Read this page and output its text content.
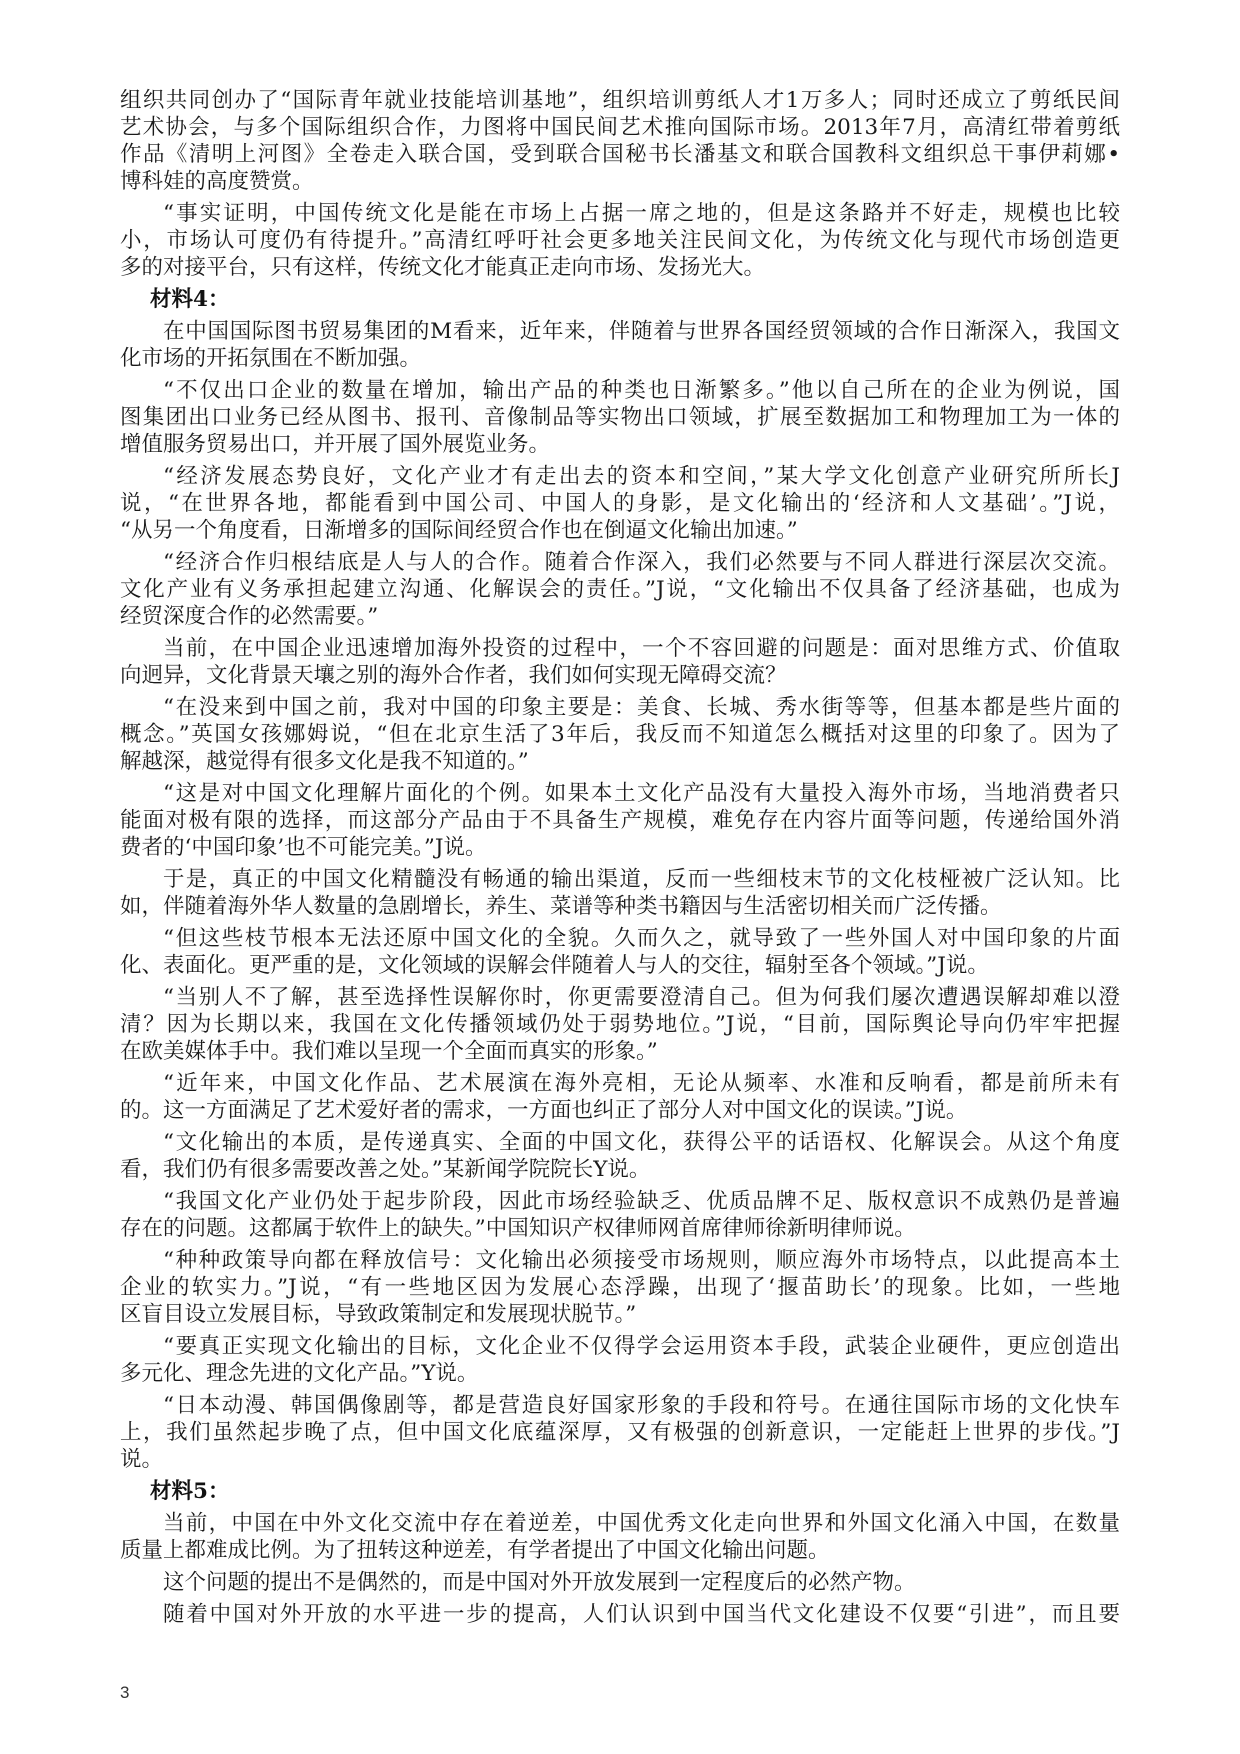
组织共同创办了“国际青年就业技能培训基地”，组织培训剪纸人才1万多人；同时还成立了剪纸民间
艺术协会，与多个国际组织合作，力图将中国民间艺术推向国际市场。2013年7月，高清红带着剪纸
作品《清明上河图》全卷走入联合国，受到联合国秘书长潘基文和联合国教科文组织总干事伊莉娜•
博科娃的高度赞赏。
“事实证明，中国传统文化是能在市场上占据一席之地的，但是这条路并不好走，规模也比较
小，市场认可度仍有待提升。”高清红呼吁社会更多地关注民间文化，为传统文化与现代市场创造更
多的对接平台，只有这样，传统文化才能真正走向市场、发扬光大。
材料4：
在中国国际图书贸易集团的M看来，近年来，伴随着与世界各国经贸领域的合作日渐深入，我国文
化市场的开拓氛围在不断加强。
“不仅出口企业的数量在增加，输出产品的种类也日渐繁多。”他以自己所在的企业为例说，国
图集团出口业务已经从图书、报刊、音像制品等实物出口领域，扩展至数据加工和物理加工为一体的
增值服务贸易出口，并开展了国外展览业务。
“经济发展态势良好，文化产业才有走出去的资本和空间，”某大学文化创意产业研究所所长J
说，“在世界各地，都能看到中国公司、中国人的身影，是文化输出的‘经济和人文基础’。”J说，
“从另一个角度看，日渐增多的国际间经贸合作也在倒逼文化输出加速。”
“经济合作归根结底是人与人的合作。随着合作深入，我们必然要与不同人群进行深层次交流。
文化产业有义务承担起建立沟通、化解误会的责任。”J说，“文化输出不仅具备了经济基础，也成为
经贸深度合作的必然需要。”
当前，在中国企业迅速增加海外投资的过程中，一个不容回避的问题是：面对思维方式、价值取
向迥异，文化背景天壤之别的海外合作者，我们如何实现无障碍交流？
“在没来到中国之前，我对中国的印象主要是：美食、长城、秀水街等等，但基本都是些片面的
概念。”英国女孩娜姆说，“但在北京生活了3年后，我反而不知道怎么概括对这里的印象了。因为了
解越深，越觉得有很多文化是我不知道的。”
“这是对中国文化理解片面化的个例。如果本土文化产品没有大量投入海外市场，当地消费者只
能面对极有限的选择，而这部分产品由于不具备生产规模，难免存在内容片面等问题，传递给国外消
费者的‘中国印象’也不可能完美。”J说。
于是，真正的中国文化精髓没有畅通的输出渠道，反而一些细枝末节的文化枝桠被广泛认知。比
如，伴随着海外华人数量的急剧增长，养生、菜谱等种类书籍因与生活密切相关而广泛传播。
“但这些枝节根本无法还原中国文化的全貌。久而久之，就导致了一些外国人对中国印象的片面
化、表面化。更严重的是，文化领域的误解会伴随着人与人的交往，辐射至各个领域。”J说。
“当别人不了解，甚至选择性误解你时，你更需要澄清自己。但为何我们屡次遭遇误解却难以澄
清？因为长期以来，我国在文化传播领域仍处于弱势地位。”J说，“目前，国际舆论导向仍牢牢把握
在欧美媒体手中。我们难以呈现一个全面而真实的形象。”
“近年来，中国文化作品、艺术展演在海外亮相，无论从频率、水准和反响看，都是前所未有
的。这一方面满足了艺术爱好者的需求，一方面也纠正了部分人对中国文化的误读。”J说。
“文化输出的本质，是传递真实、全面的中国文化，获得公平的话语权、化解误会。从这个角度
看，我们仍有很多需要改善之处。”某新闻学院院长Y说。
“我国文化产业仍处于起步阶段，因此市场经验缺乏、优质品牌不足、版权意识不成熟仍是普遍
存在的问题。这都属于软件上的缺失。”中国知识产权律师网首席律师徐新明律师说。
“种种政策导向都在释放信号：文化输出必须接受市场规则，顺应海外市场特点，以此提高本土
企业的软实力。”J说，“有一些地区因为发展心态浮躁，出现了‘揠苗助长’的现象。比如，一些地
区盲目设立发展目标，导致政策制定和发展现状脱节。”
“要真正实现文化输出的目标，文化企业不仅得学会运用资本手段，武装企业硬件，更应创造出
多元化、理念先进的文化产品。”Y说。
“日本动漫、韩国偶像剧等，都是营造良好国家形象的手段和符号。在通往国际市场的文化快车
上，我们虽然起步晚了点，但中国文化底蕴深厚，又有极强的创新意识，一定能赶上世界的步伐。”J
说。
材料5：
当前，中国在中外文化交流中存在着逆差，中国优秀文化走向世界和外国文化涌入中国，在数量
质量上都难成比例。为了扭转这种逆差，有学者提出了中国文化输出问题。
这个问题的提出不是偶然的，而是中国对外开放发展到一定程度后的必然产物。
随着中国对外开放的水平进一步的提高，人们认识到中国当代文化建设不仅要“引进”，而且要
3
